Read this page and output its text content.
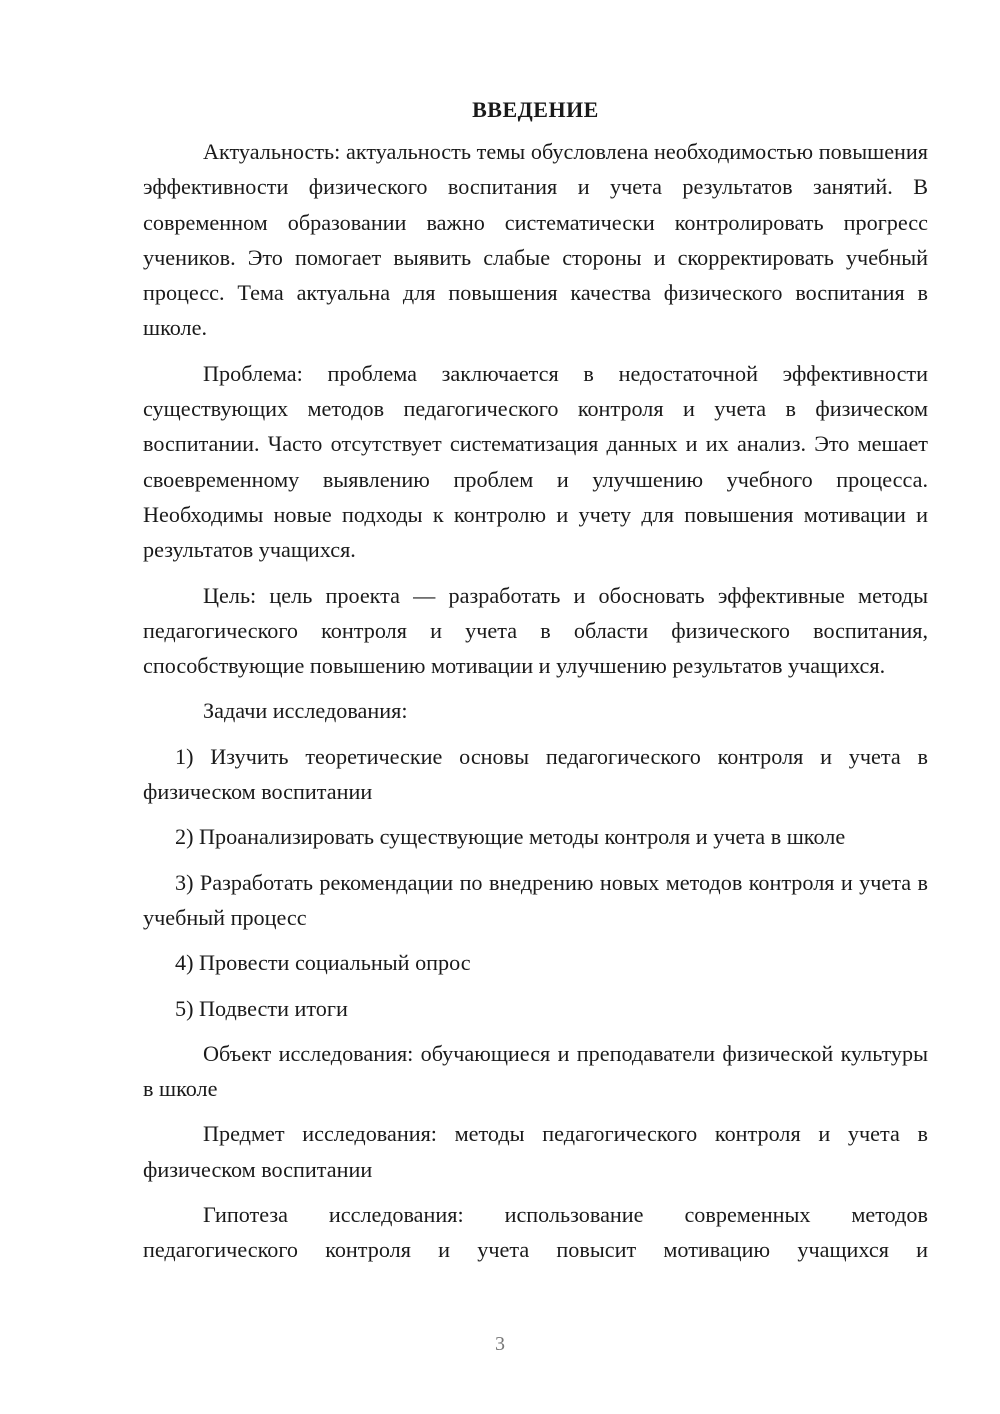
ВВЕДЕНИЕ

Актуальность: актуальность темы обусловлена необходимостью повышения эффективности физического воспитания и учета результатов занятий. В современном образовании важно систематически контролировать прогресс учеников. Это помогает выявить слабые стороны и скорректировать учебный процесс. Тема актуальна для повышения качества физического воспитания в школе.

Проблема: проблема заключается в недостаточной эффективности существующих методов педагогического контроля и учета в физическом воспитании. Часто отсутствует систематизация данных и их анализ. Это мешает своевременному выявлению проблем и улучшению учебного процесса. Необходимы новые подходы к контролю и учету для повышения мотивации и результатов учащихся.

Цель: цель проекта — разработать и обосновать эффективные методы педагогического контроля и учета в области физического воспитания, способствующие повышению мотивации и улучшению результатов учащихся.

Задачи исследования:

1) Изучить теоретические основы педагогического контроля и учета в физическом воспитании

2) Проанализировать существующие методы контроля и учета в школе

3) Разработать рекомендации по внедрению новых методов контроля и учета в учебный процесс

4) Провести социальный опрос

5) Подвести итоги

Объект исследования: обучающиеся и преподаватели физической культуры в школе

Предмет исследования: методы педагогического контроля и учета в физическом воспитании

Гипотеза исследования: использование современных методов педагогического контроля и учета повысит мотивацию учащихся и

3
